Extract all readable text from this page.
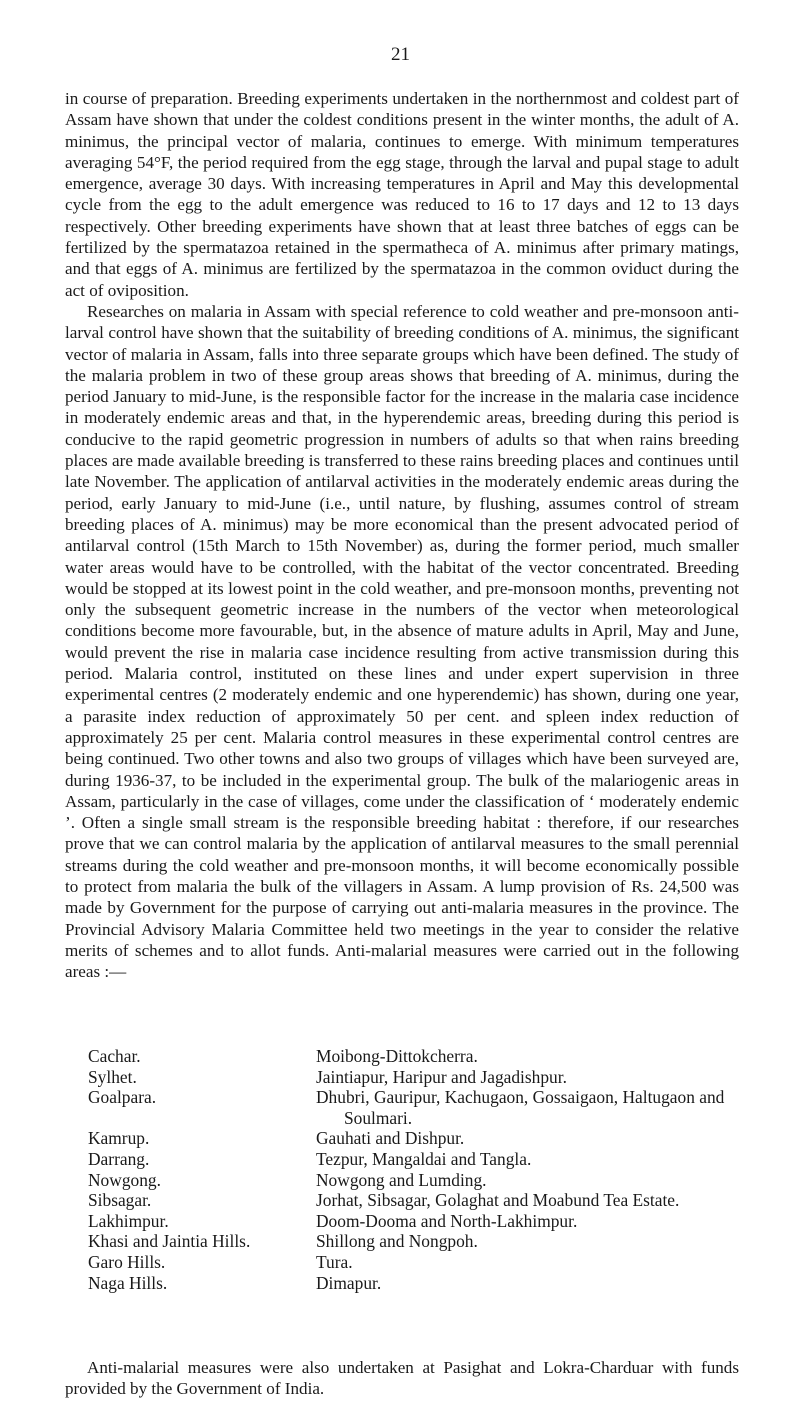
21

in course of preparation. Breeding experiments undertaken in the northernmost and coldest part of Assam have shown that under the coldest conditions present in the winter months, the adult of A. minimus, the principal vector of malaria, continues to emerge. With minimum temperatures averaging 54°F, the period required from the egg stage, through the larval and pupal stage to adult emergence, average 30 days. With increasing temperatures in April and May this developmental cycle from the egg to the adult emergence was reduced to 16 to 17 days and 12 to 13 days respectively. Other breeding experiments have shown that at least three batches of eggs can be fertilized by the spermatazoa retained in the spermatheca of A. minimus after primary matings, and that eggs of A. minimus are fertilized by the spermatazoa in the common oviduct during the act of oviposition.

Researches on malaria in Assam with special reference to cold weather and pre-monsoon anti-larval control have shown that the suitability of breeding conditions of A. minimus, the significant vector of malaria in Assam, falls into three separate groups which have been defined. The study of the malaria problem in two of these group areas shows that breeding of A. minimus, during the period January to mid-June, is the responsible factor for the increase in the malaria case incidence in moderately endemic areas and that, in the hyperendemic areas, breeding during this period is conducive to the rapid geometric progression in numbers of adults so that when rains breeding places are made available breeding is transferred to these rains breeding places and continues until late November. The application of antilarval activities in the moderately endemic areas during the period, early January to mid-June (i.e., until nature, by flushing, assumes control of stream breeding places of A. minimus) may be more economical than the present advocated period of antilarval control (15th March to 15th November) as, during the former period, much smaller water areas would have to be controlled, with the habitat of the vector concentrated. Breeding would be stopped at its lowest point in the cold weather, and pre-monsoon months, preventing not only the subsequent geometric increase in the numbers of the vector when meteorological conditions become more favourable, but, in the absence of mature adults in April, May and June, would prevent the rise in malaria case incidence resulting from active transmission during this period. Malaria control, instituted on these lines and under expert supervision in three experimental centres (2 moderately endemic and one hyperendemic) has shown, during one year, a parasite index reduction of approximately 50 per cent. and spleen index reduction of approximately 25 per cent. Malaria control measures in these experimental control centres are being continued. Two other towns and also two groups of villages which have been surveyed are, during 1936-37, to be included in the experimental group. The bulk of the malariogenic areas in Assam, particularly in the case of villages, come under the classification of ‘ moderately endemic ’. Often a single small stream is the responsible breeding habitat : therefore, if our researches prove that we can control malaria by the application of antilarval measures to the small perennial streams during the cold weather and pre-monsoon months, it will become economically possible to protect from malaria the bulk of the villagers in Assam. A lump provision of Rs. 24,500 was made by Government for the purpose of carrying out anti-malaria measures in the province. The Provincial Advisory Malaria Committee held two meetings in the year to consider the relative merits of schemes and to allot funds. Anti-malarial measures were carried out in the following areas :—

Cachar.	Moibong-Dittokcherra.
Sylhet.	Jaintiapur, Haripur and Jagadishpur.
Goalpara.	Dhubri, Gauripur, Kachugaon, Gossaigaon, Haltugaon and Soulmari.
Kamrup.	Gauhati and Dishpur.
Darrang.	Tezpur, Mangaldai and Tangla.
Nowgong.	Nowgong and Lumding.
Sibsagar.	Jorhat, Sibsagar, Golaghat and Moabund Tea Estate.
Lakhimpur.	Doom-Dooma and North-Lakhimpur.
Khasi and Jaintia Hills.	Shillong and Nongpoh.
Garo Hills.	Tura.
Naga Hills.	Dimapur.
Anti-malarial measures were also undertaken at Pasighat and Lokra-Charduar with funds provided by the Government of India.
